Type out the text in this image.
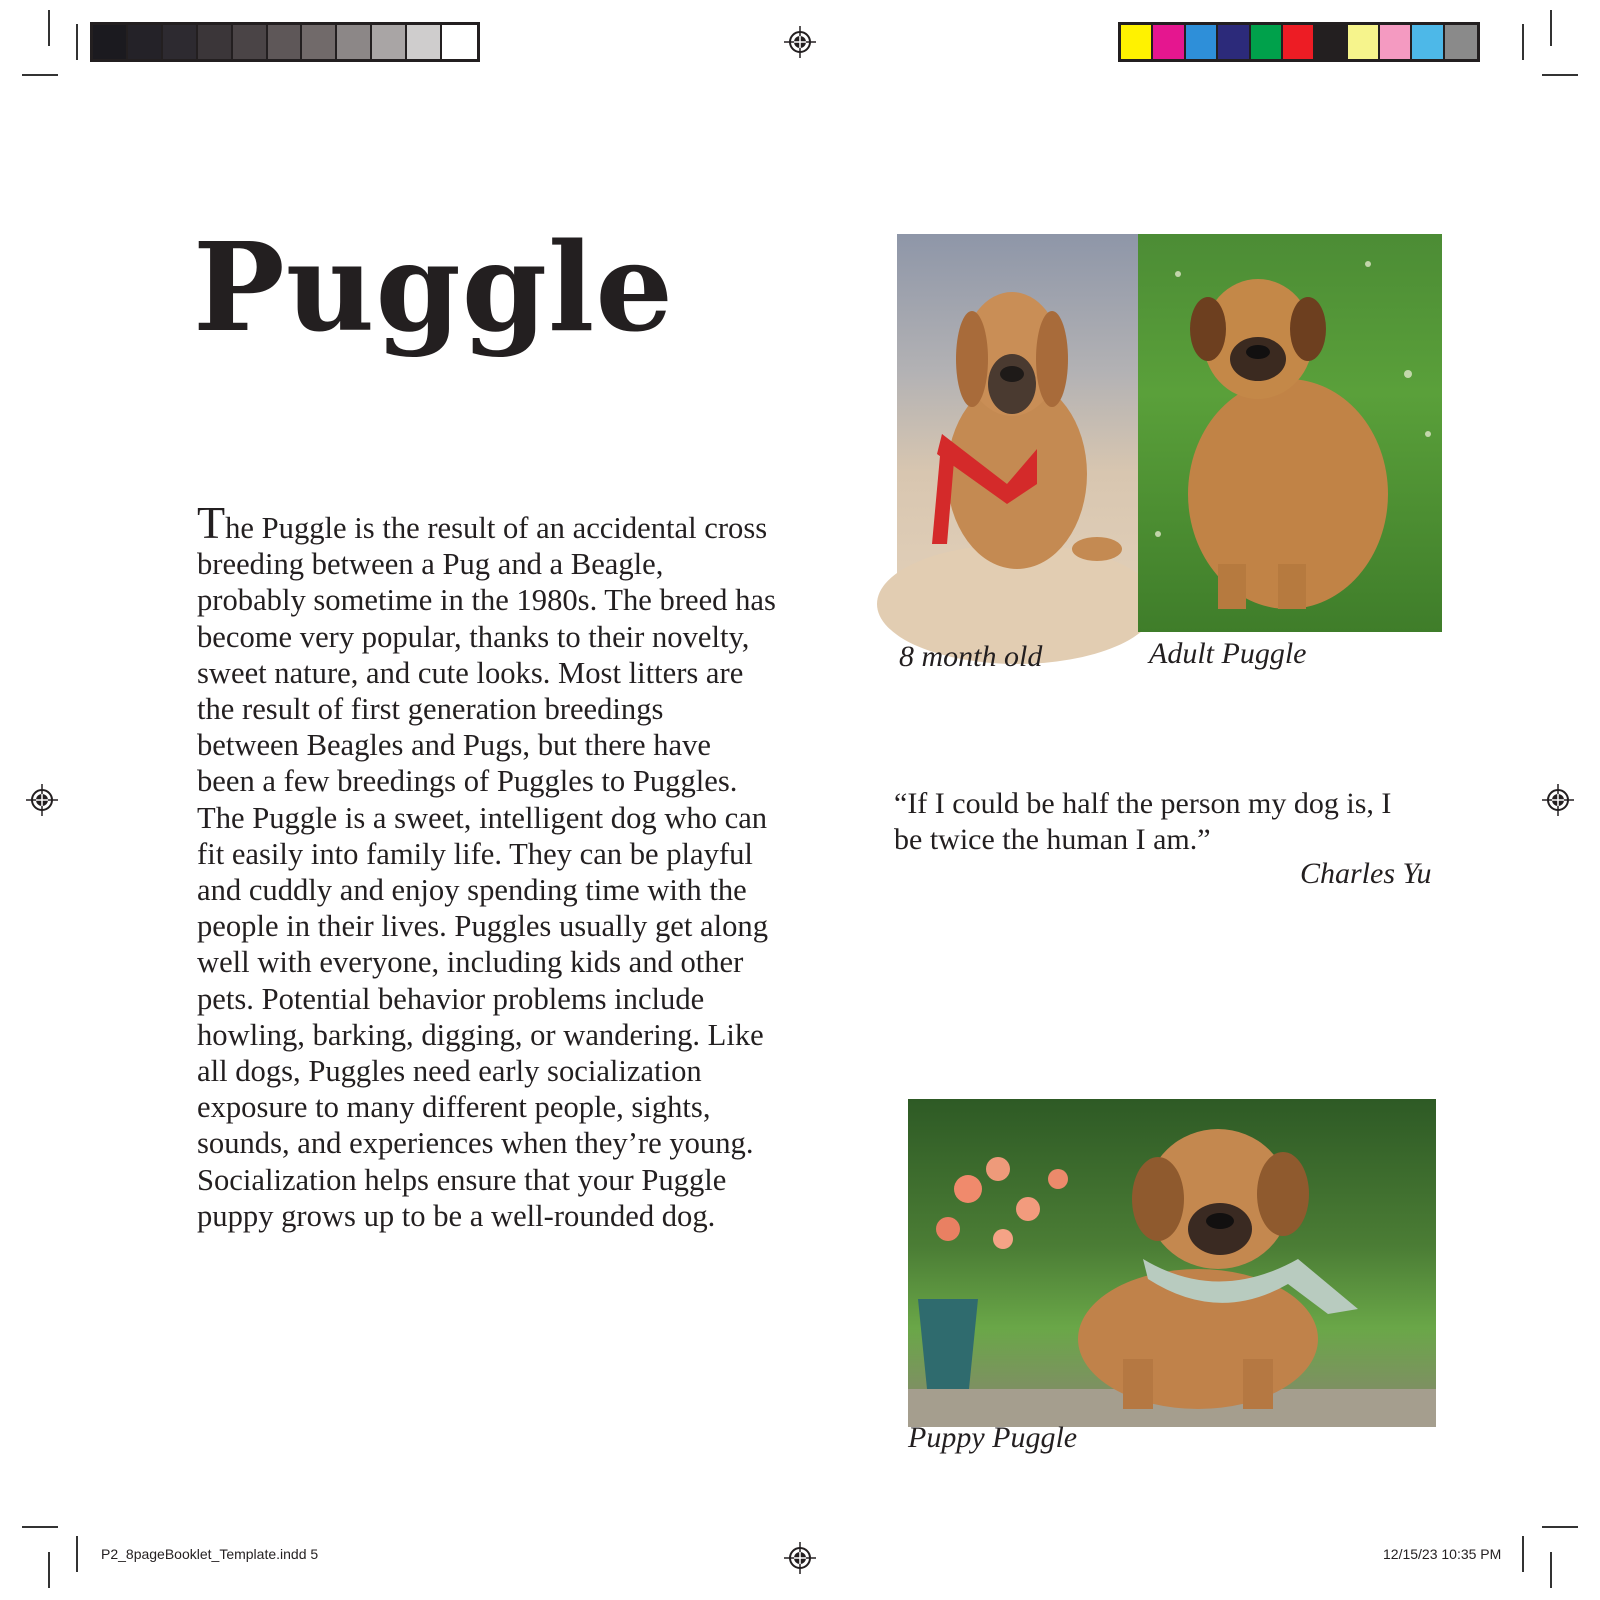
Puggle
The Puggle is the result of an accidental cross
breeding between a Pug and a Beagle,
probably sometime in the 1980s. The breed has
become very popular, thanks to their novelty,
sweet nature, and cute looks. Most litters are
the result of first generation breedings
between Beagles and Pugs, but there have
been a few breedings of Puggles to Puggles.
The Puggle is a sweet, intelligent dog who can
fit easily into family life. They can be playful
and cuddly and enjoy spending time with the
people in their lives. Puggles usually get along
well with everyone, including kids and other
pets. Potential behavior problems include
howling, barking, digging, or wandering. Like
all dogs, Puggles need early socialization
exposure to many different people, sights,
sounds, and experiences when they’re young.
Socialization helps ensure that your Puggle
puppy grows up to be a well-rounded dog.
8 month old	Adult Puggle
“If I could be half the person my dog is, I
be twice the human I am.”
Charles Yu
Puppy Puggle
P2_8pageBooklet_Template.indd 5	12/15/23 10:35 PM
